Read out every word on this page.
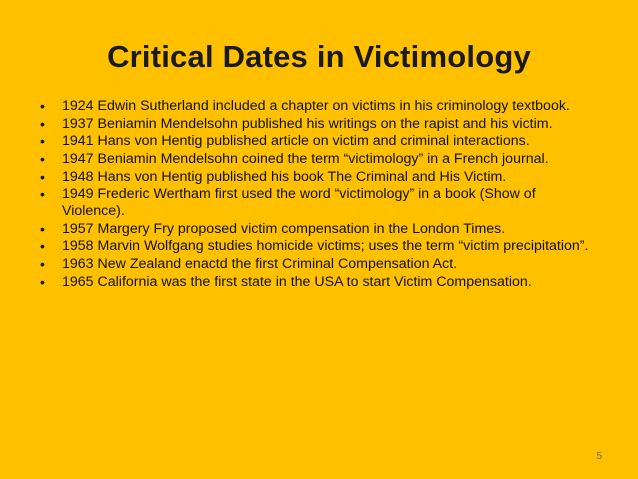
Critical Dates in Victimology
• 1924 Edwin Sutherland included a chapter on victims in his criminology textbook.
• 1937 Beniamin Mendelsohn published his writings on the rapist and his victim.
• 1941 Hans von Hentig published article on victim and criminal interactions.
• 1947 Beniamin Mendelsohn coined the term “victimology” in a French journal.
• 1948 Hans von Hentig published his book The Criminal and His Victim.
• 1949 Frederic Wertham first used the word “victimology” in a book (Show of Violence).
• 1957 Margery Fry proposed victim compensation in the London Times.
• 1958 Marvin Wolfgang studies homicide victims; uses the term “victim precipitation”.
• 1963 New Zealand enactd the first Criminal Compensation Act.
• 1965 California was the first state in the USA to start Victim Compensation.
5
